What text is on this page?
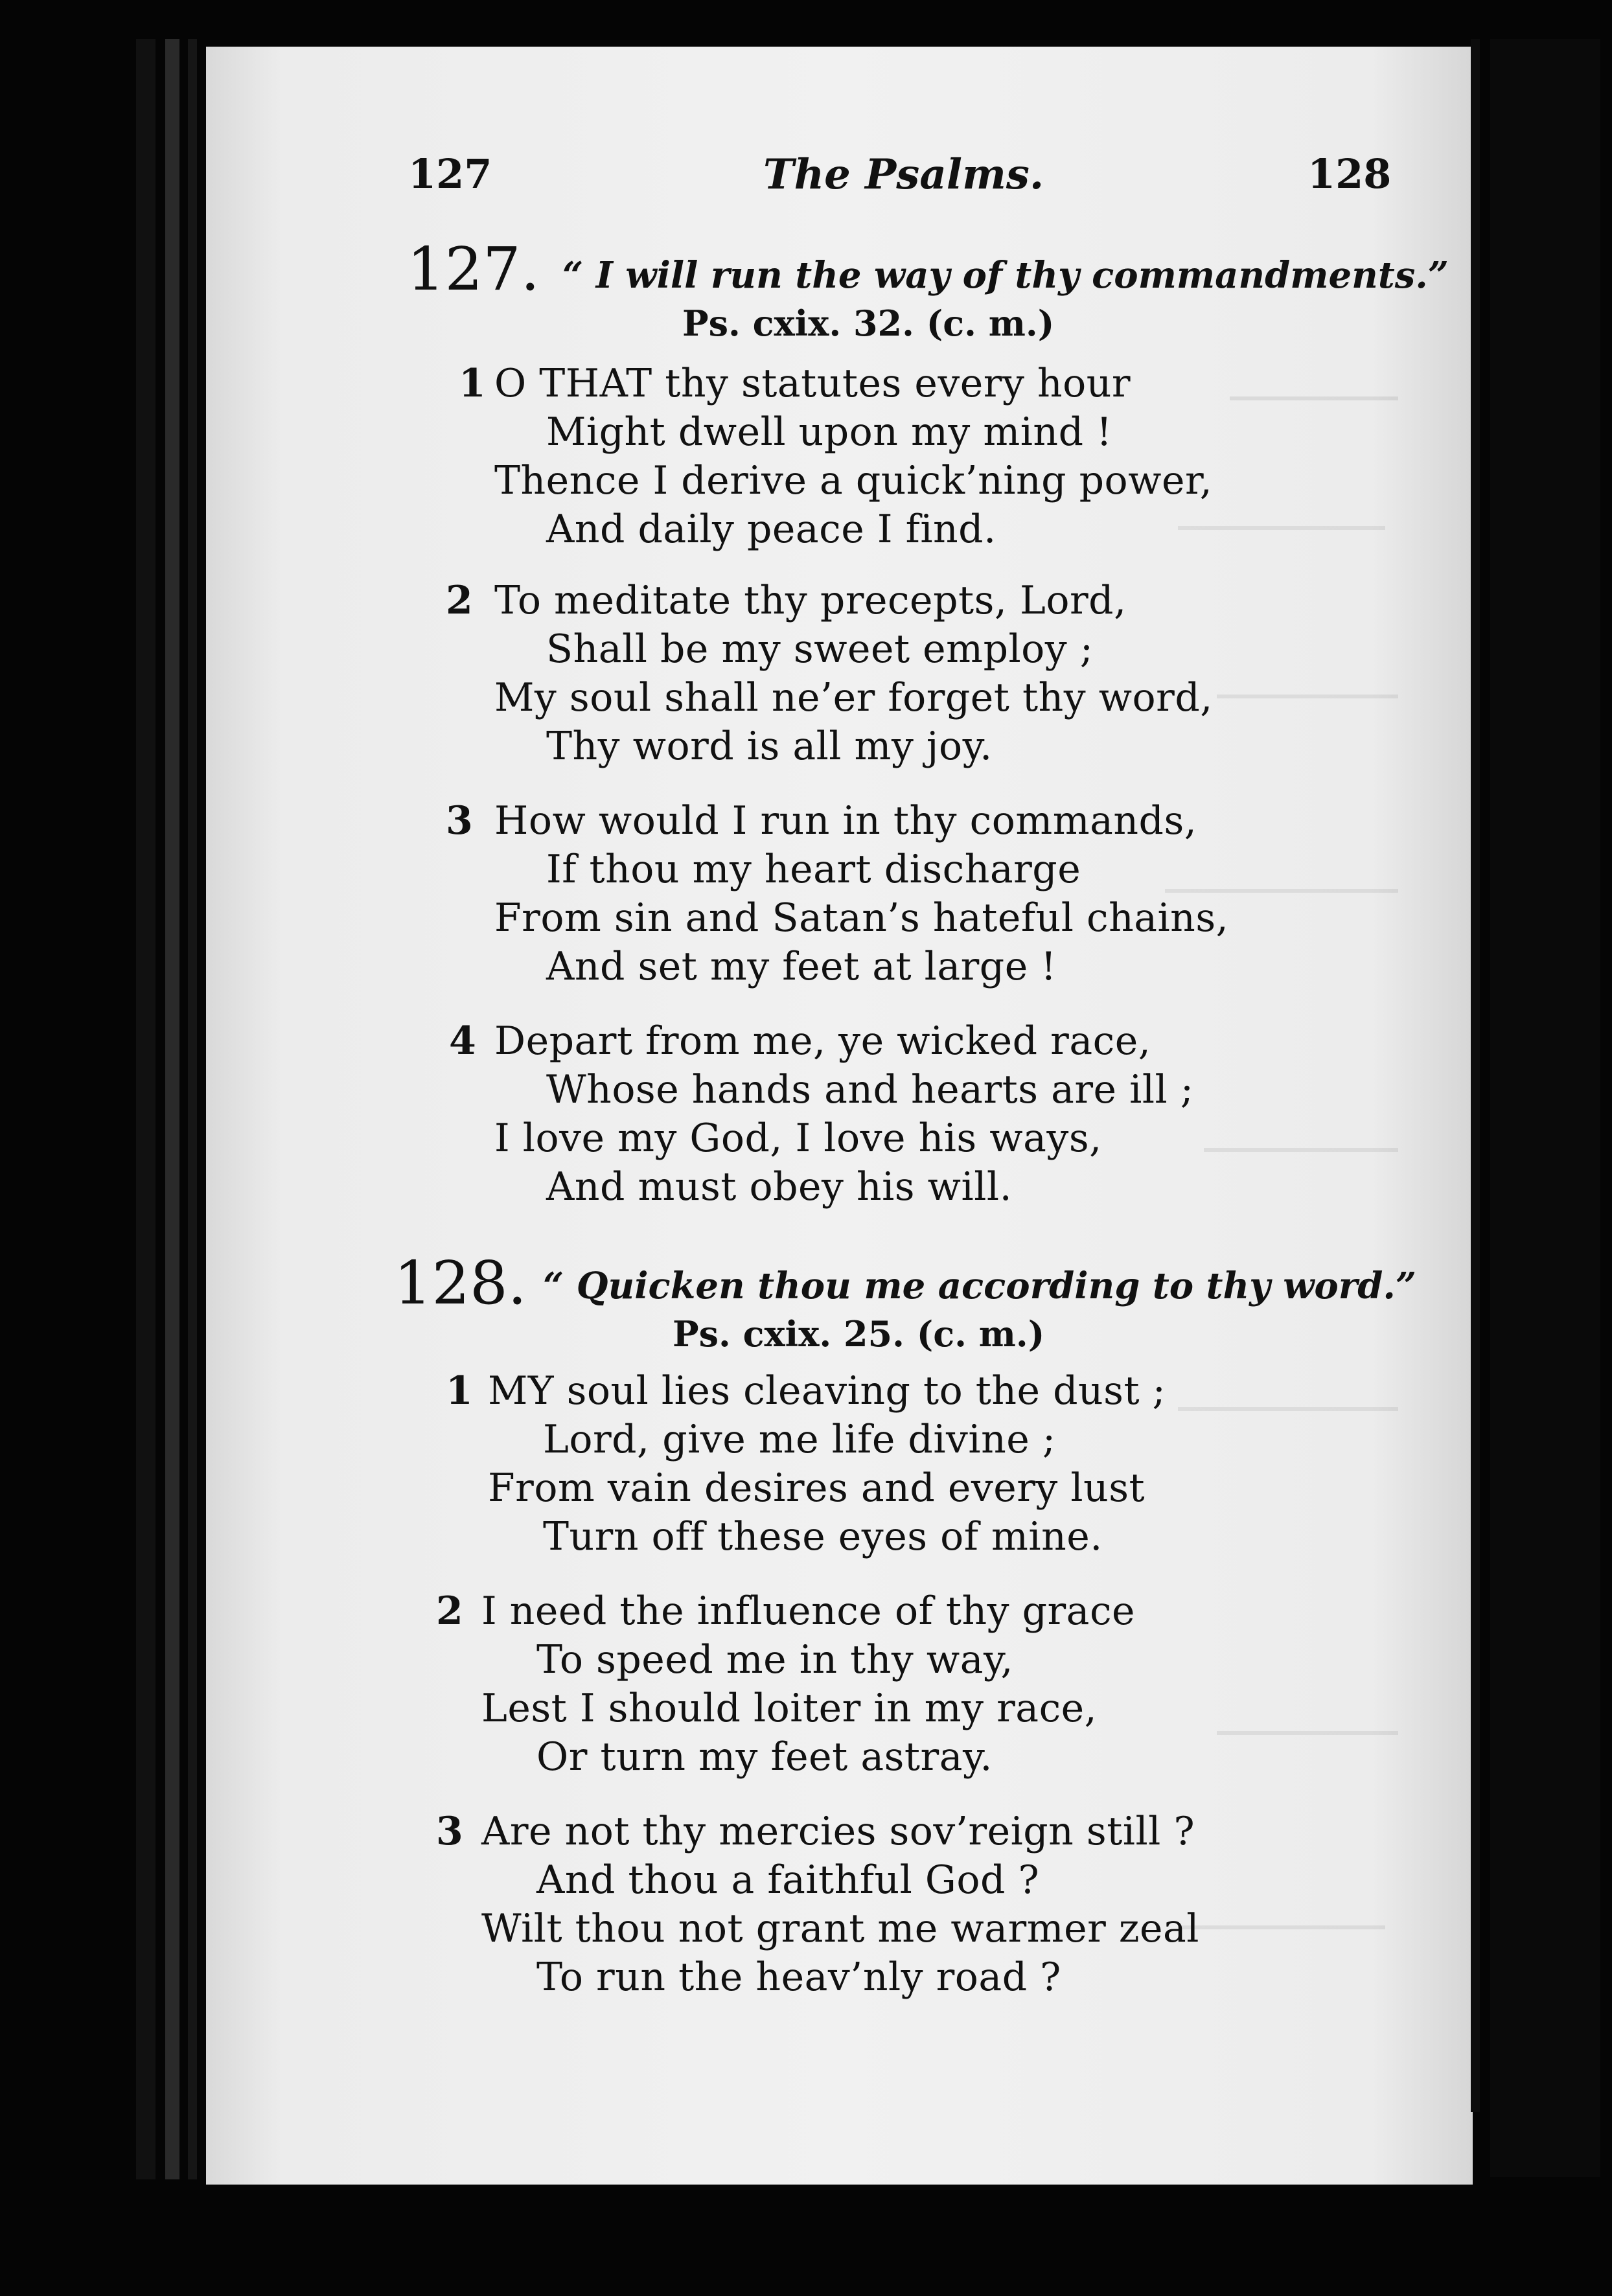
127	The Psalms.	128
127. “ I will run the way of thy commandments.”
Ps. cxix. 32. (c. m.)
1 O THAT thy statutes every hour
Might dwell upon my mind !
Thence I derive a quick’ning power,
And daily peace I find.
2 To meditate thy precepts, Lord,
Shall be my sweet employ ;
My soul shall ne’er forget thy word,
Thy word is all my joy.
3 How would I run in thy commands,
If thou my heart discharge
From sin and Satan’s hateful chains,
And set my feet at large !
4 Depart from me, ye wicked race,
Whose hands and hearts are ill ;
I love my God, I love his ways,
And must obey his will.
128. “ Quicken thou me according to thy word.”
Ps. cxix. 25. (c. m.)
1 MY soul lies cleaving to the dust ;
Lord, give me life divine ;
From vain desires and every lust
Turn off these eyes of mine.
2 I need the influence of thy grace
To speed me in thy way,
Lest I should loiter in my race,
Or turn my feet astray.
3 Are not thy mercies sov’reign still ?
And thou a faithful God ?
Wilt thou not grant me warmer zeal
To run the heav’nly road ?
